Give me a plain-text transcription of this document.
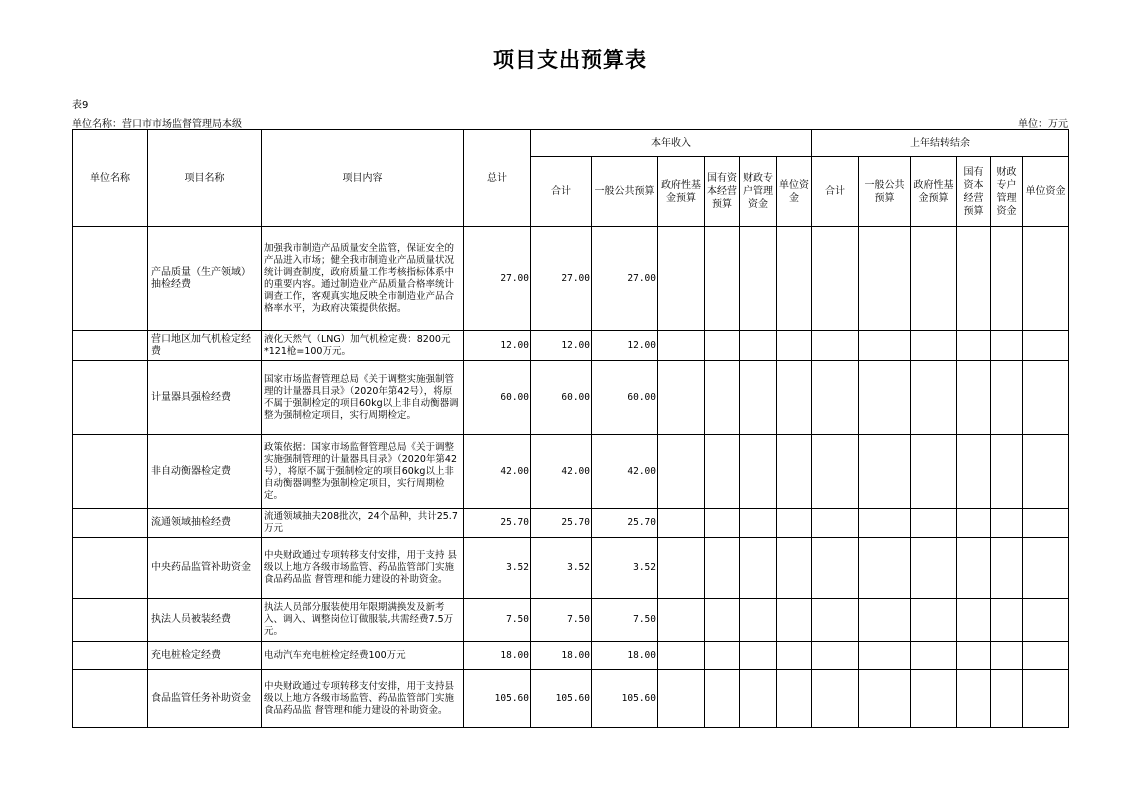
项目支出预算表
表9
单位名称：营口市市场监督管理局本级	单位：万元
单位名称	项目名称	项目内容	总计	本年收入						上年结转结余					
				合计	一般公共预算	政府性基金预算	国有资本经营预算	财政专户管理资金	单位资金	合计	一般公共预算	政府性基金预算	国有资本经营预算	财政专户管理资金	单位资金
	产品质量（生产领域）抽检经费	加强我市制造产品质量安全监管，保证安全的产品进入市场；健全我市制造业产品质量状况统计调查制度，政府质量工作考核指标体系中的重要内容。通过制造业产品质量合格率统计调查工作，客观真实地反映全市制造业产品合格率水平，为政府决策提供依据。	27.00	27.00	27.00										
	营口地区加气机检定经费	液化天然气（LNG）加气机检定费：8200元*121枪=100万元。	12.00	12.00	12.00										
	计量器具强检经费	国家市场监督管理总局《关于调整实施强制管理的计量器具目录》（2020年第42号），将原不属于强制检定的项目60kg以上非自动衡器调整为强制检定项目，实行周期检定。	60.00	60.00	60.00										
	非自动衡器检定费	政策依据：国家市场监督管理总局《关于调整实施强制管理的计量器具目录》（2020年第42号），将原不属于强制检定的项目60kg以上非自动衡器调整为强制检定项目，实行周期检定。	42.00	42.00	42.00										
	流通领域抽检经费	流通领域抽夫208批次，24个品种，共计25.7万元	25.70	25.70	25.70										
	中央药品监管补助资金	中央财政通过专项转移支付安排，用于支持 县级以上地方各级市场监管、药品监管部门实施食品药品监 督管理和能力建设的补助资金。	3.52	3.52	3.52										
	执法人员被装经费	执法人员部分服装使用年限期满换发及新考入、调入、调整岗位订做服装,共需经费7.5万元。	7.50	7.50	7.50										
	充电桩检定经费	电动汽车充电桩检定经费100万元	18.00	18.00	18.00										
	食品监管任务补助资金	中央财政通过专项转移支付安排，用于支持县级以上地方各级市场监管、药品监管部门实施食品药品监 督管理和能力建设的补助资金。	105.60	105.60	105.60										
